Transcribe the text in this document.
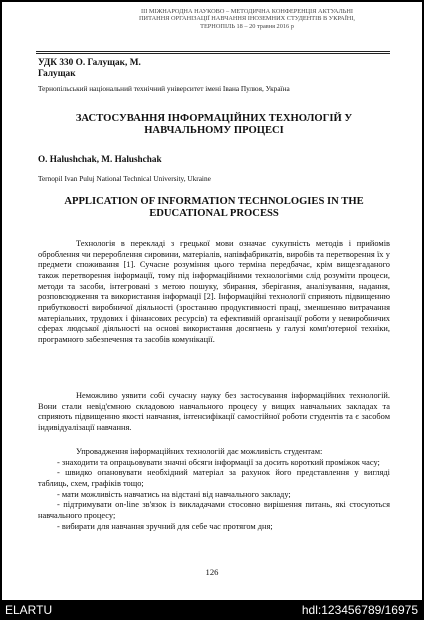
III МІЖНАРОДНА НАУКОВО – МЕТОДИЧНА КОНФЕРЕНЦІЯ АКТУАЛЬНІ
ПИТАННЯ ОРГАНІЗАЦІЇ НАВЧАННЯ ІНОЗЕМНИХ СТУДЕНТІВ В УКРАЇНІ,
ТЕРНОПІЛЬ 18 – 20 травня 2016 р
УДК 330 О. Галущак, М.
Галущак
Тернопільський національний технічний університет імені Івана Пулюя, Україна
ЗАСТОСУВАННЯ ІНФОРМАЦІЙНИХ ТЕХНОЛОГІЙ У НАВЧАЛЬНОМУ ПРОЦЕСІ
O. Halushchak, M. Halushchak
Ternopil Ivan Puluj National Technical University, Ukraine
APPLICATION OF INFORMATION TECHNOLOGIES IN THE EDUCATIONAL PROCESS

Технологія в перекладі з грецької мови означає сукупність методів і прийомів оброблення чи перероблення сировини, матеріалів, напівфабрикатів, виробів та перетворення їх у предмети споживання [1]. Сучасне розуміння цього терміна передбачає, крім вищезгаданого також перетворення інформації, тому під інформаційними технологіями слід розуміти процеси, методи та засоби, інтегровані з метою пошуку, збирання, зберігання, аналізування, надання, розповсюдження та використання інформації [2]. Інформаційні технології сприяють підвищенню прибутковості виробничої діяльності (зростанню продуктивності праці, зменшенню витрачання матеріальних, трудових і фінансових ресурсів) та ефективній організації роботи у невиробничих сферах людської діяльності на основі використання досягнень у галузі комп'ютерної техніки, програмного забезпечення та засобів комунікації.

Неможливо уявити собі сучасну науку без застосування інформаційних технологій. Вони стали невід'ємною складовою навчального процесу у вищих навчальних закладах та сприяють підвищенню якості навчання, інтенсифікації самостійної роботи студентів та є засобом індивідуалізації навчання.

Упровадження інформаційних технологій дає можливість студентам:

- знаходити та опрацьовувати значні обсяги інформації за досить короткий проміжок часу;

- швидко опановувати необхідний матеріал за рахунок його представлення у вигляді таблиць, схем, графіків тощо;

- мати можливість навчатись на відстані від навчального закладу;

- підтримувати on-line зв'язок із викладачами стосовно вирішення питань, які стосуються навчального процесу;

- вибирати для навчання зручний для себе час протягом дня;

126
ELARTU	hdl:123456789/16975
